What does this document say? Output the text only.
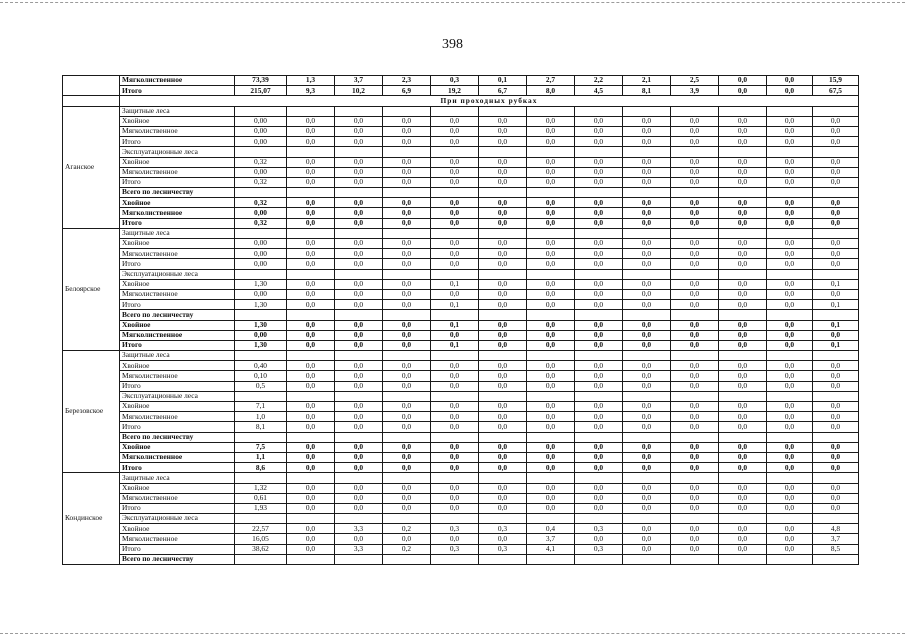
398
	Мягколиственное	73,39	1,3	3,7	2,3	0,3	0,1	2,7	2,2	2,1	2,5	0,0	0,0	15,9
	Итого	215,07	9,3	10,2	6,9	19,2	6,7	8,0	4,5	8,1	3,9	0,0	0,0	67,5
	При проходных рубках													
Аганское	Защитные леса													
	Хвойное	0,00	0,0	0,0	0,0	0,0	0,0	0,0	0,0	0,0	0,0	0,0	0,0	0,0
	Мягколиственное	0,00	0,0	0,0	0,0	0,0	0,0	0,0	0,0	0,0	0,0	0,0	0,0	0,0
	Итого	0,00	0,0	0,0	0,0	0,0	0,0	0,0	0,0	0,0	0,0	0,0	0,0	0,0
	Эксплуатационные леса													
	Хвойное	0,32	0,0	0,0	0,0	0,0	0,0	0,0	0,0	0,0	0,0	0,0	0,0	0,0
	Мягколиственное	0,00	0,0	0,0	0,0	0,0	0,0	0,0	0,0	0,0	0,0	0,0	0,0	0,0
	Итого	0,32	0,0	0,0	0,0	0,0	0,0	0,0	0,0	0,0	0,0	0,0	0,0	0,0
	Всего по лесничеству													
	Хвойное	0,32	0,0	0,0	0,0	0,0	0,0	0,0	0,0	0,0	0,0	0,0	0,0	0,0
	Мягколиственное	0,00	0,0	0,0	0,0	0,0	0,0	0,0	0,0	0,0	0,0	0,0	0,0	0,0
	Итого	0,32	0,0	0,0	0,0	0,0	0,0	0,0	0,0	0,0	0,0	0,0	0,0	0,0
Белоярское	Защитные леса													
	Хвойное	0,00	0,0	0,0	0,0	0,0	0,0	0,0	0,0	0,0	0,0	0,0	0,0	0,0
	Мягколиственное	0,00	0,0	0,0	0,0	0,0	0,0	0,0	0,0	0,0	0,0	0,0	0,0	0,0
	Итого	0,00	0,0	0,0	0,0	0,0	0,0	0,0	0,0	0,0	0,0	0,0	0,0	0,0
	Эксплуатационные леса													
	Хвойное	1,30	0,0	0,0	0,0	0,1	0,0	0,0	0,0	0,0	0,0	0,0	0,0	0,1
	Мягколиственное	0,00	0,0	0,0	0,0	0,0	0,0	0,0	0,0	0,0	0,0	0,0	0,0	0,0
	Итого	1,30	0,0	0,0	0,0	0,1	0,0	0,0	0,0	0,0	0,0	0,0	0,0	0,1
	Всего по лесничеству													
	Хвойное	1,30	0,0	0,0	0,0	0,1	0,0	0,0	0,0	0,0	0,0	0,0	0,0	0,1
	Мягколиственное	0,00	0,0	0,0	0,0	0,0	0,0	0,0	0,0	0,0	0,0	0,0	0,0	0,0
	Итого	1,30	0,0	0,0	0,0	0,1	0,0	0,0	0,0	0,0	0,0	0,0	0,0	0,1
Березовское	Защитные леса													
	Хвойное	0,40	0,0	0,0	0,0	0,0	0,0	0,0	0,0	0,0	0,0	0,0	0,0	0,0
	Мягколиственное	0,10	0,0	0,0	0,0	0,0	0,0	0,0	0,0	0,0	0,0	0,0	0,0	0,0
	Итого	0,5	0,0	0,0	0,0	0,0	0,0	0,0	0,0	0,0	0,0	0,0	0,0	0,0
	Эксплуатационные леса													
	Хвойное	7,1	0,0	0,0	0,0	0,0	0,0	0,0	0,0	0,0	0,0	0,0	0,0	0,0
	Мягколиственное	1,0	0,0	0,0	0,0	0,0	0,0	0,0	0,0	0,0	0,0	0,0	0,0	0,0
	Итого	8,1	0,0	0,0	0,0	0,0	0,0	0,0	0,0	0,0	0,0	0,0	0,0	0,0
	Всего по лесничеству													
	Хвойное	7,5	0,0	0,0	0,0	0,0	0,0	0,0	0,0	0,0	0,0	0,0	0,0	0,0
	Мягколиственное	1,1	0,0	0,0	0,0	0,0	0,0	0,0	0,0	0,0	0,0	0,0	0,0	0,0
	Итого	8,6	0,0	0,0	0,0	0,0	0,0	0,0	0,0	0,0	0,0	0,0	0,0	0,0
Кондинское	Защитные леса													
	Хвойное	1,32	0,0	0,0	0,0	0,0	0,0	0,0	0,0	0,0	0,0	0,0	0,0	0,0
	Мягколиственное	0,61	0,0	0,0	0,0	0,0	0,0	0,0	0,0	0,0	0,0	0,0	0,0	0,0
	Итого	1,93	0,0	0,0	0,0	0,0	0,0	0,0	0,0	0,0	0,0	0,0	0,0	0,0
	Эксплуатационные леса													
	Хвойное	22,57	0,0	3,3	0,2	0,3	0,3	0,4	0,3	0,0	0,0	0,0	0,0	4,8
	Мягколиственное	16,05	0,0	0,0	0,0	0,0	0,0	3,7	0,0	0,0	0,0	0,0	0,0	3,7
	Итого	38,62	0,0	3,3	0,2	0,3	0,3	4,1	0,3	0,0	0,0	0,0	0,0	8,5
	Всего по лесничеству													
